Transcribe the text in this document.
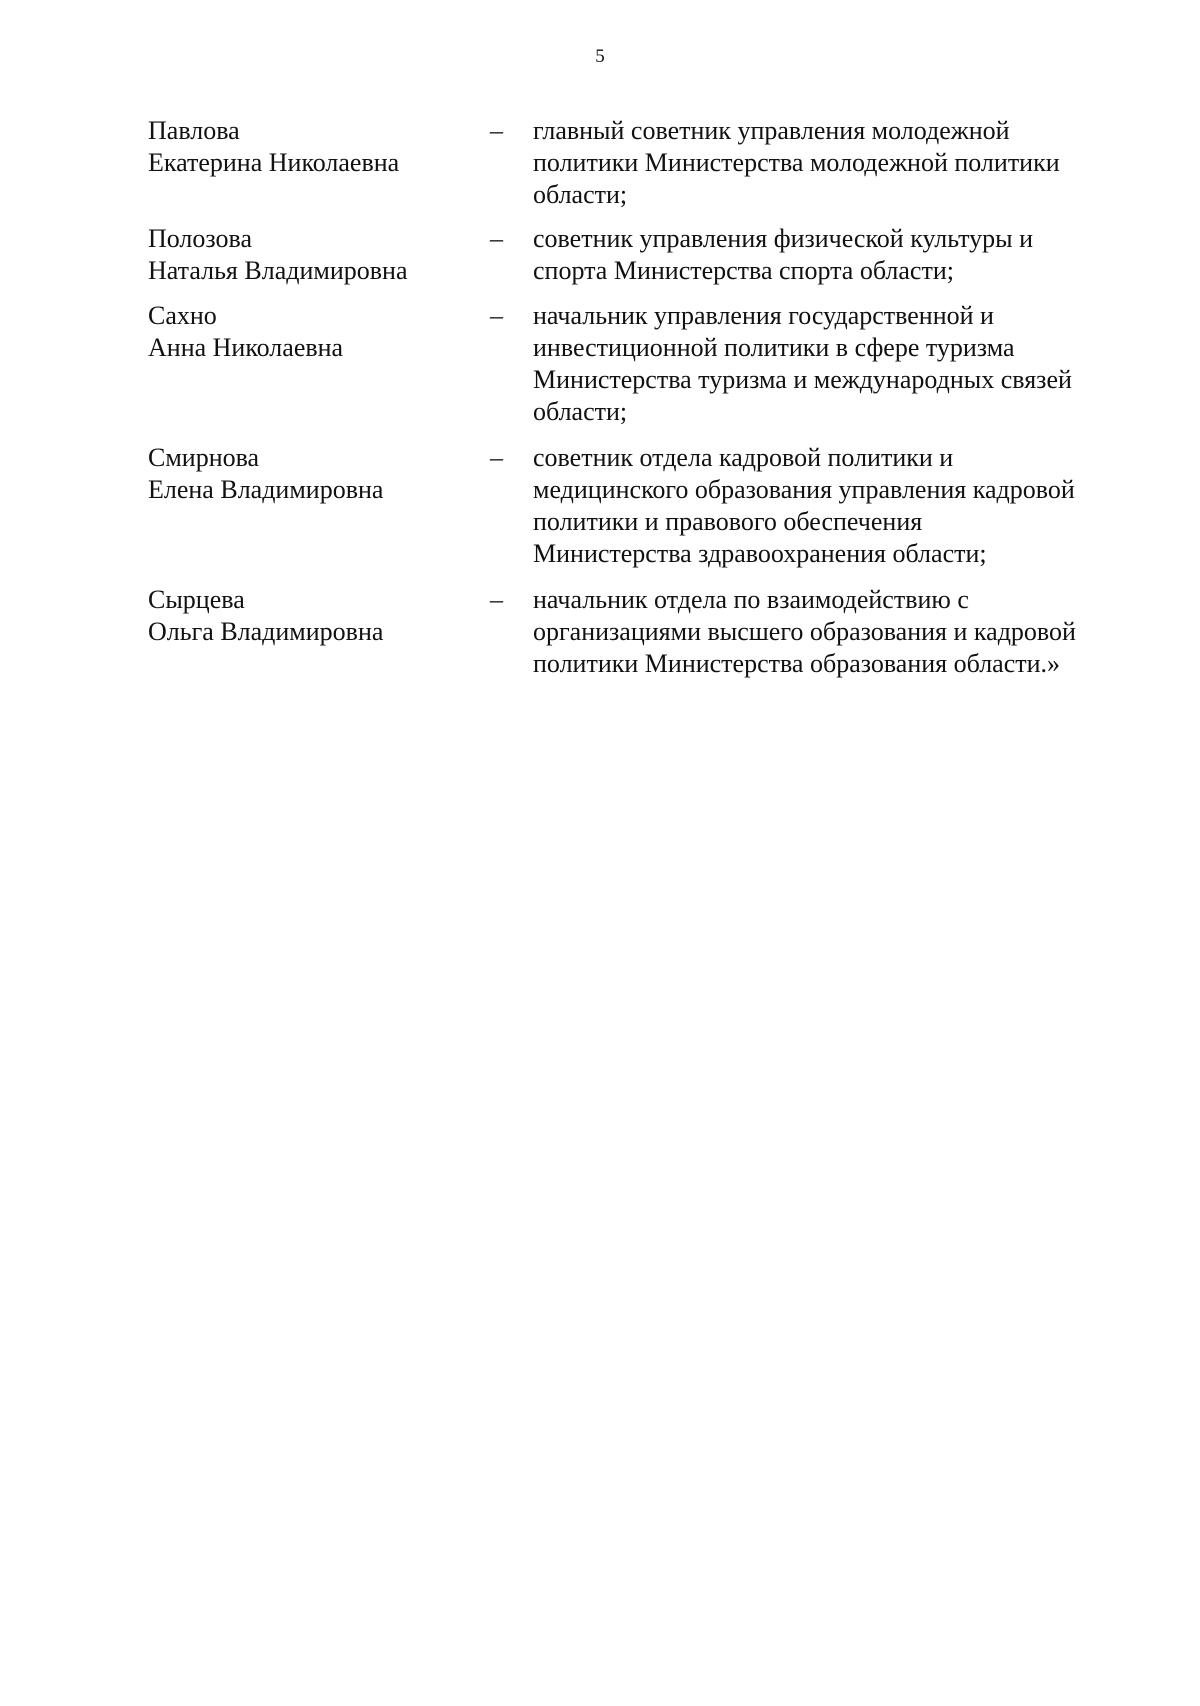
5
Павлова
Екатерина Николаевна
– главный советник управления молодежной
политики Министерства молодежной политики
области;
Полозова
Наталья Владимировна
– советник управления физической культуры и
спорта Министерства спорта области;
Сахно
Анна Николаевна
– начальник управления государственной и
инвестиционной политики в сфере туризма
Министерства туризма и международных связей
области;
Смирнова
Елена Владимировна
– советник отдела кадровой политики и
медицинского образования управления кадровой
политики и правового обеспечения
Министерства здравоохранения области;
Сырцева
Ольга Владимировна
– начальник отдела по взаимодействию с
организациями высшего образования и кадровой
политики Министерства образования области.»
